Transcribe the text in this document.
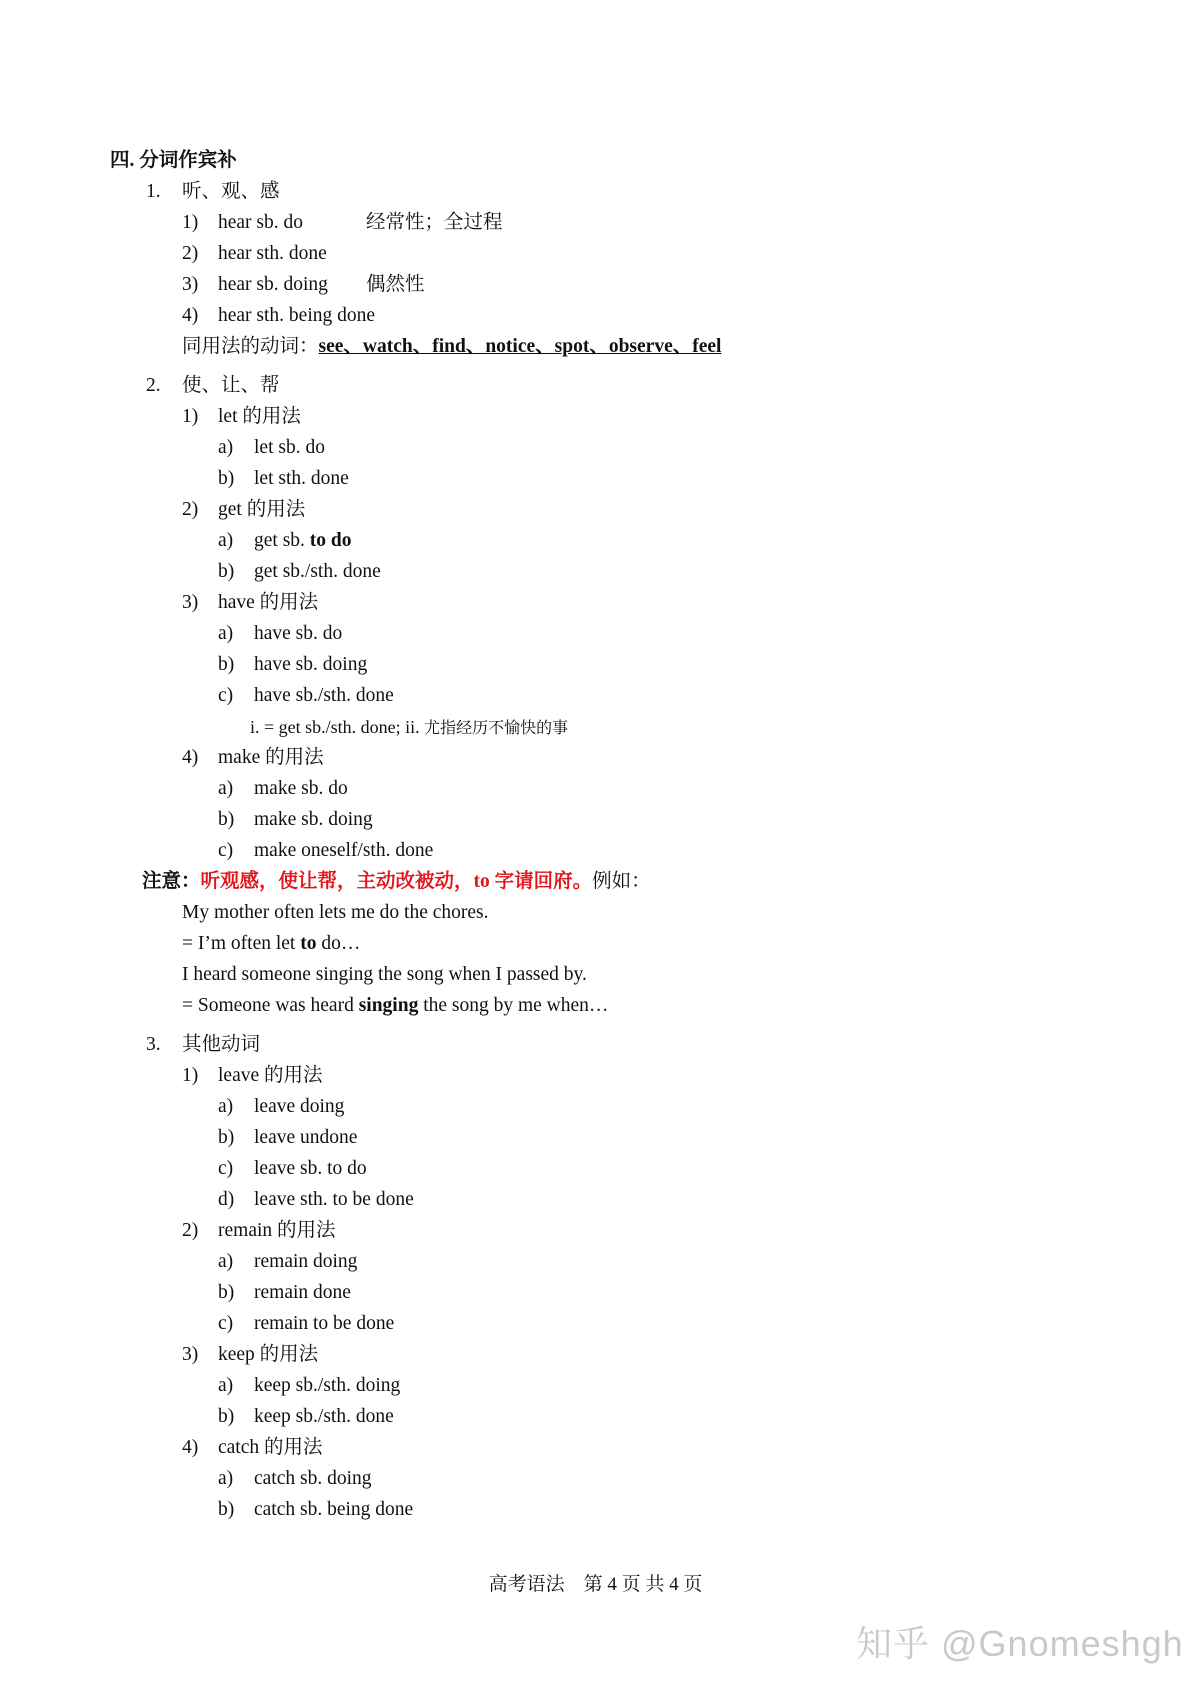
四. 分词作宾补
1. 听、观、感
1) hear sb. do	经常性；全过程
2) hear sth. done
3) hear sb. doing 偶然性
4) hear sth. being done
同用法的动词：see、watch、find、notice、spot、observe、feel
2. 使、让、帮
1) let 的用法
a) let sb. do
b) let sth. done
2) get 的用法
a) get sb. to do
b) get sb./sth. done
3) have 的用法
a) have sb. do
b) have sb. doing
c) have sb./sth. done
i. = get sb./sth. done; ii. 尤指经历不愉快的事
4) make 的用法
a) make sb. do
b) make sb. doing
c) make oneself/sth. done
注意：听观感，使让帮，主动改被动，to 字请回府。例如：
My mother often lets me do the chores.
= I’m often let to do…
I heard someone singing the song when I passed by.
= Someone was heard singing the song by me when…
3. 其他动词
1) leave 的用法
a) leave doing
b) leave undone
c) leave sb. to do
d) leave sth. to be done
2) remain 的用法
a) remain doing
b) remain done
c) remain to be done
3) keep 的用法
a) keep sb./sth. doing
b) keep sb./sth. done
4) catch 的用法
a) catch sb. doing
b) catch sb. being done
高考语法　第 4 页 共 4 页
知乎 @Gnomeshgh
